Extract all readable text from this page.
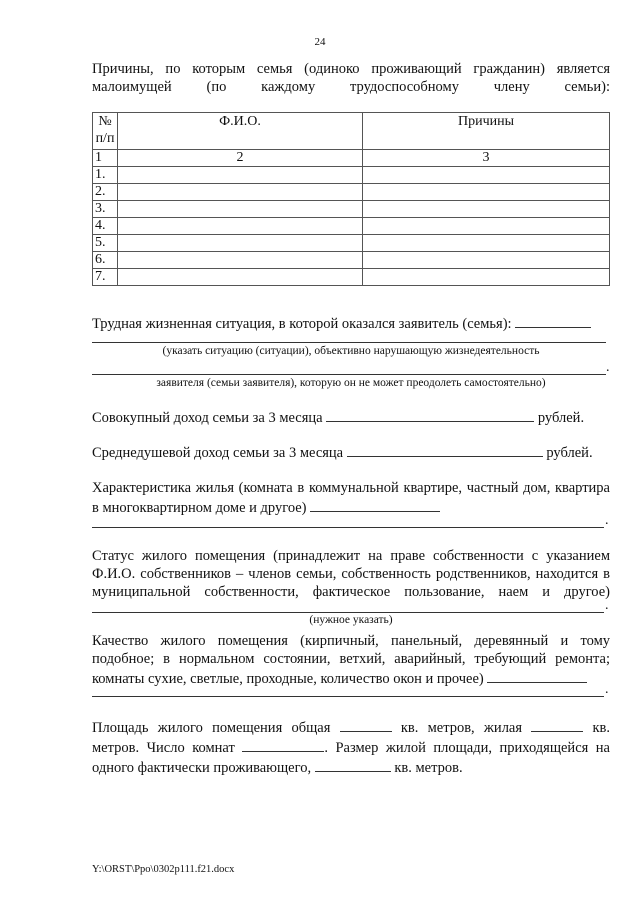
24
Причины, по которым семья (одиноко проживающий гражданин) является малоимущей (по каждому трудоспособному члену семьи):
№ п/п	Ф.И.О.	Причины
1	2	3
1.		
2.		
3.		
4.		
5.		
6.		
7.		
Трудная жизненная ситуация, в которой оказался заявитель (семья):
(указать ситуацию (ситуации), объективно нарушающую жизнедеятельность
.
заявителя (семьи заявителя), которую он не может преодолеть самостоятельно)
Совокупный доход семьи за 3 месяца	рублей.
Среднедушевой доход семьи за 3 месяца	рублей.
Характеристика жилья (комната в коммунальной квартире, частный дом, квартира в многоквартирном доме и другое)
.
Статус жилого помещения (принадлежит на праве собственности с указанием Ф.И.О. собственников – членов семьи, собственность родственников, находится в муниципальной собственности, фактическое пользование, наем и другое)
.
(нужное указать)
Качество жилого помещения (кирпичный, панельный, деревянный и тому подобное; в нормальном состоянии, ветхий, аварийный, требующий ремонта; комнаты сухие, светлые, проходные, количество окон и прочее)
.
Площадь жилого помещения общая	кв. метров, жилая	кв. метров. Число комнат	. Размер жилой площади, приходящейся на одного фактически проживающего,	кв. метров.
Y:\ORST\Ppo\0302p111.f21.docx
